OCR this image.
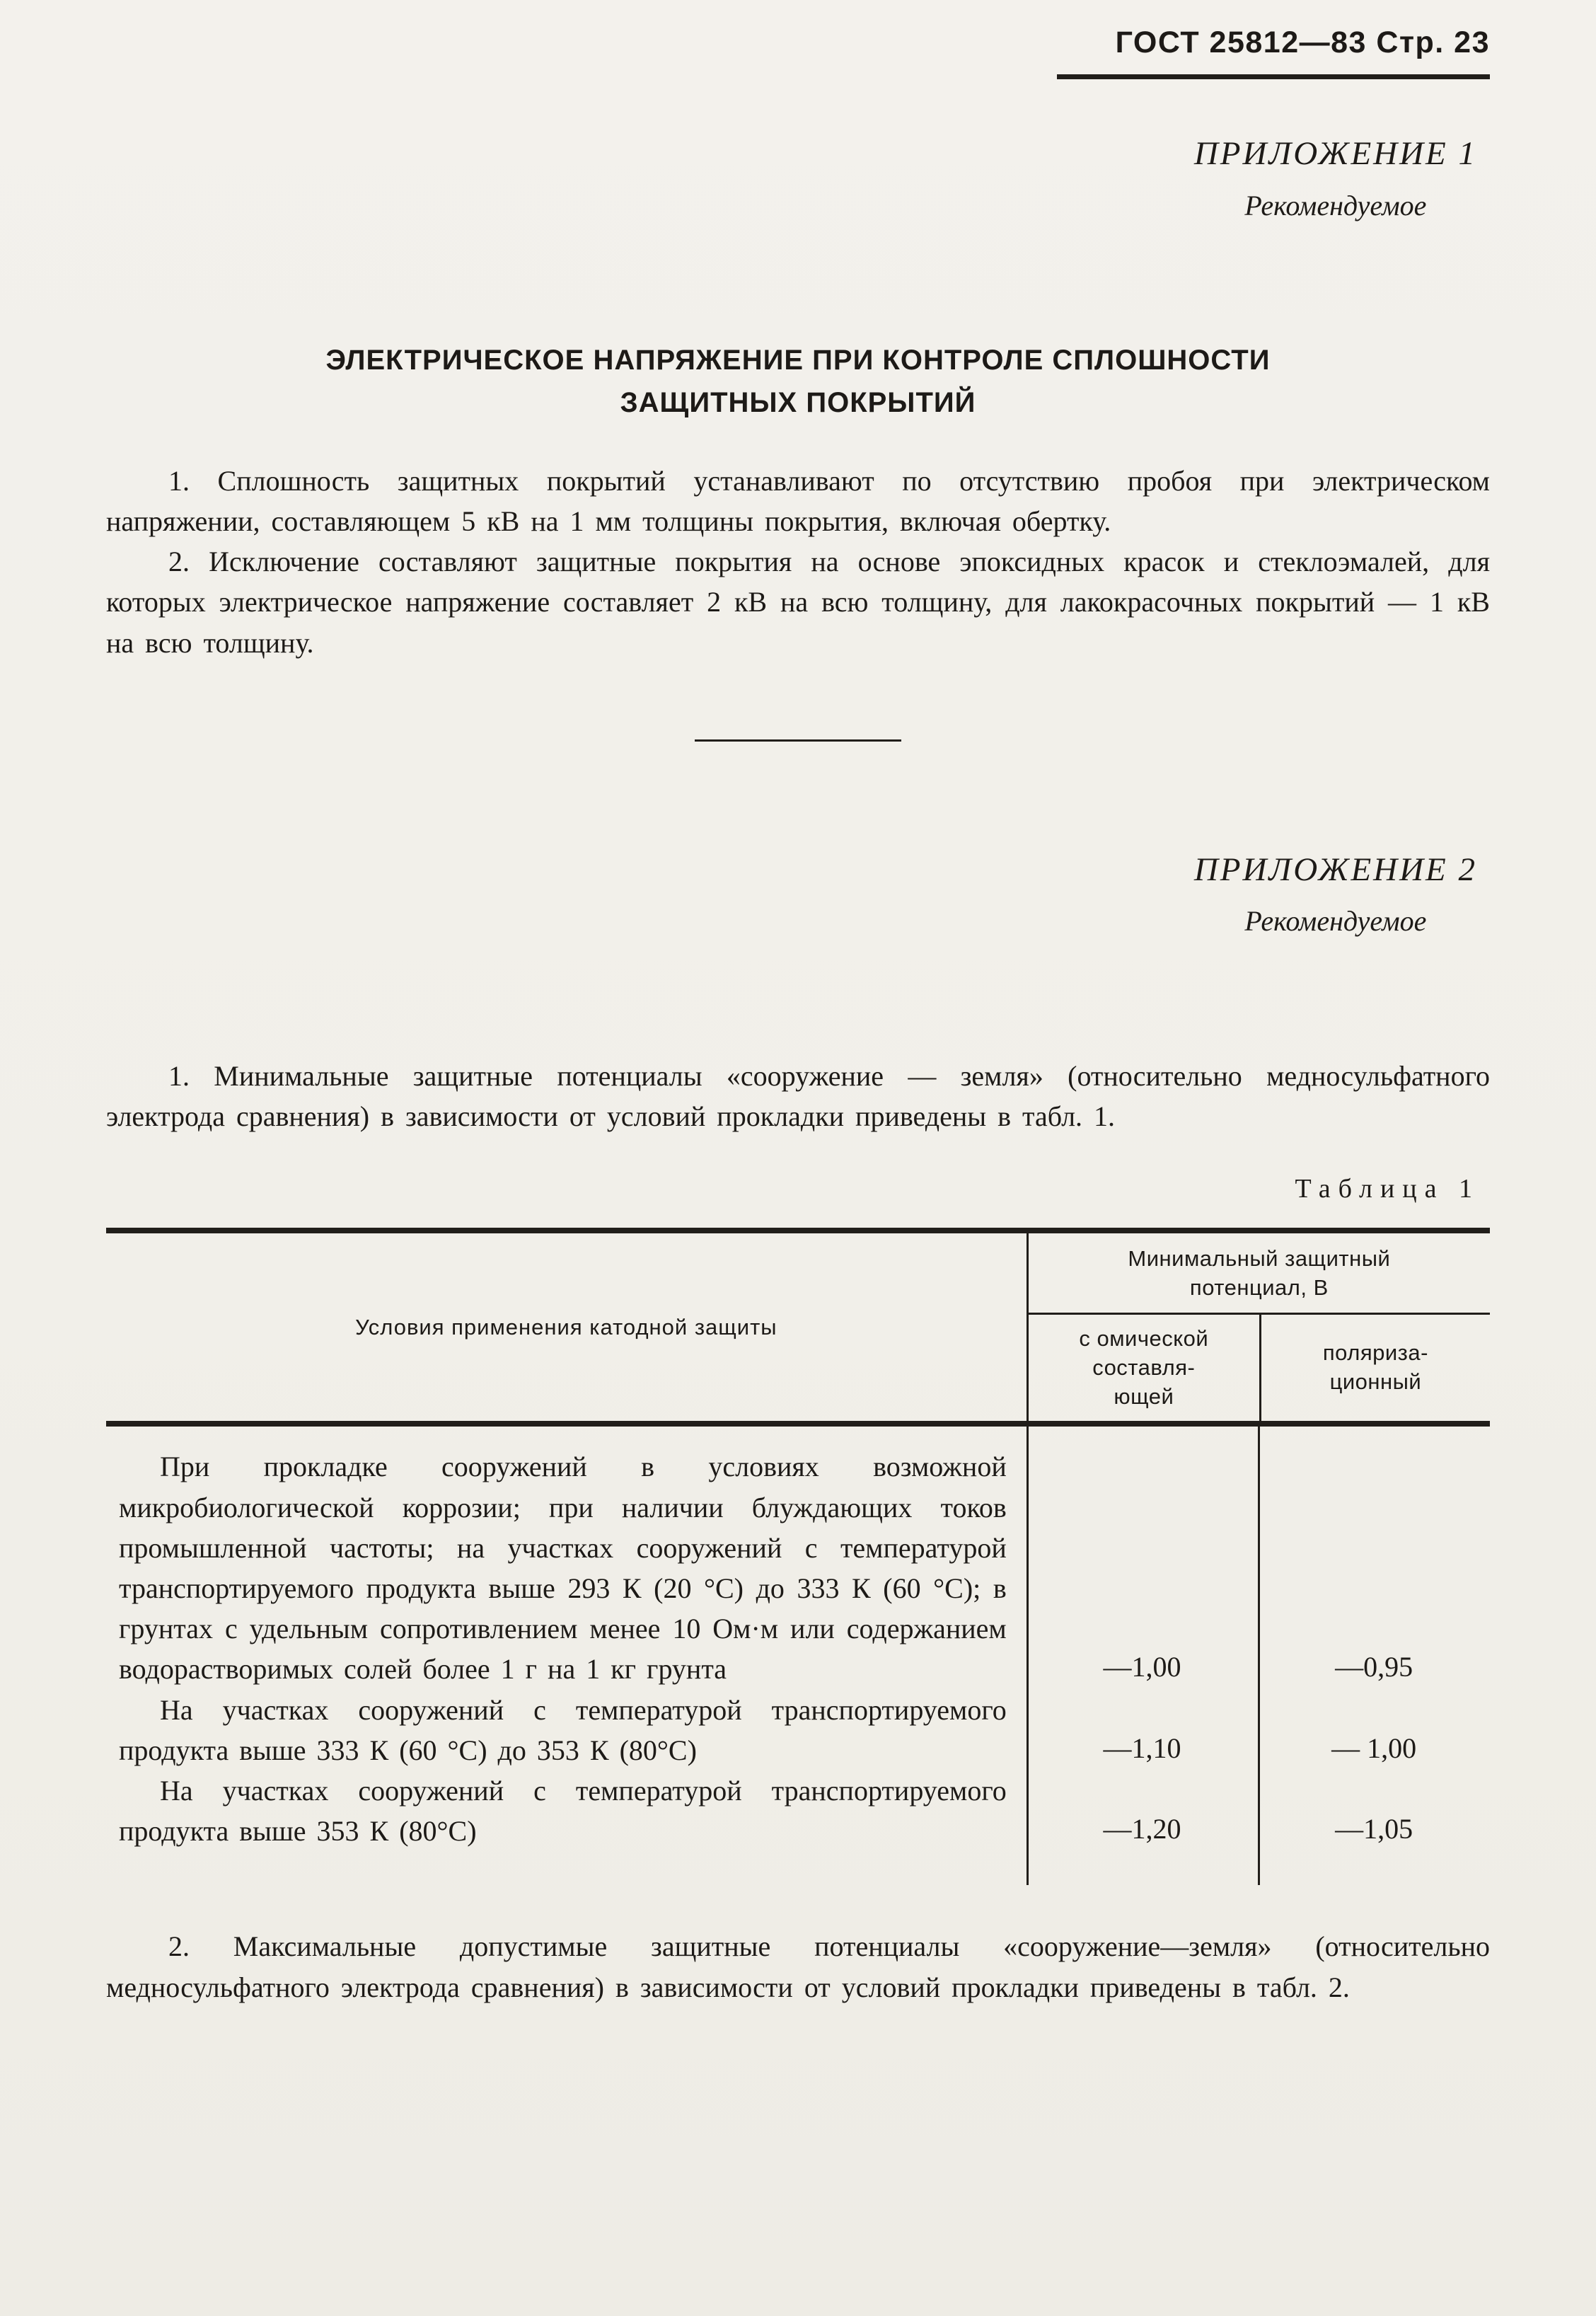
ГОСТ 25812—83 Стр. 23
ПРИЛОЖЕНИЕ 1
Рекомендуемое
ЭЛЕКТРИЧЕСКОЕ НАПРЯЖЕНИЕ ПРИ КОНТРОЛЕ СПЛОШНОСТИ
ЗАЩИТНЫХ ПОКРЫТИЙ

1. Сплошность защитных покрытий устанавливают по отсутствию пробоя при электрическом напряжении, составляющем 5 кВ на 1 мм толщины покрытия, включая обертку.

2. Исключение составляют защитные покрытия на основе эпоксидных красок и стеклоэмалей, для которых электрическое напряжение составляет 2 кВ на всю толщину, для лакокрасочных покрытий — 1 кВ на всю толщину.

ПРИЛОЖЕНИЕ 2
Рекомендуемое

1. Минимальные защитные потенциалы «сооружение — земля» (относительно медносульфатного электрода сравнения) в зависимости от условий прокладки приведены в табл. 1.

Таблица 1
Условия применения катодной защиты
Минимальный защитный
потенциал, В
с омической
составля-
ющей
поляриза-
ционный
При прокладке сооружений в условиях возможной микробиологической коррозии; при наличии блуждающих токов промышленной частоты; на участках сооружений с температурой транспортируемого продукта выше 293 К (20 °С) до 333 К (60 °С); в грунтах с удельным сопротивлением менее 10 Ом·м или содержанием водорастворимых солей более 1 г на 1 кг грунта	—1,00	—0,95
На участках сооружений с температурой транспортируемого продукта выше 333 К (60 °С) до 353 К (80°С)	—1,10	— 1,00
На участках сооружений с температурой транспортируемого продукта выше 353 К (80°С)	—1,20	—1,05

2. Максимальные допустимые защитные потенциалы «сооружение—земля» (относительно медносульфатного электрода сравнения) в зависимости от условий прокладки приведены в табл. 2.
